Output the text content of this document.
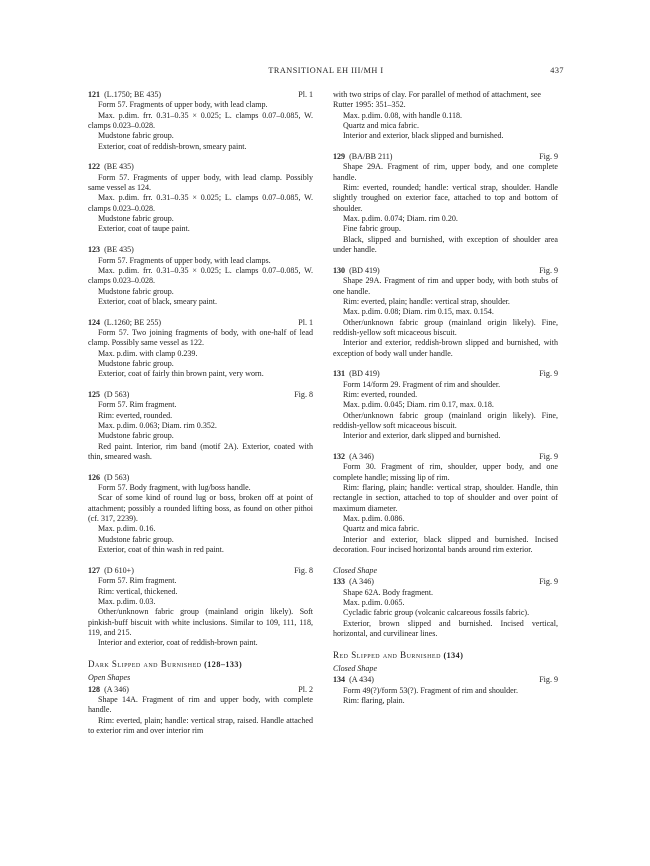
TRANSITIONAL EH III/MH I	437
121  (L.1750; BE 435)	Pl. 1

Form 57. Fragments of upper body, with lead clamp.

Max. p.dim. frr. 0.31–0.35 × 0.025; L. clamps 0.07–0.085, W. clamps 0.023–0.028.

Mudstone fabric group.

Exterior, coat of reddish-brown, smeary paint.

122  (BE 435)

Form 57. Fragments of upper body, with lead clamp. Possibly same vessel as 124.

Max. p.dim. frr. 0.31–0.35 × 0.025; L. clamps 0.07–0.085, W. clamps 0.023–0.028.

Mudstone fabric group.

Exterior, coat of taupe paint.

123  (BE 435)

Form 57. Fragments of upper body, with lead clamps.

Max. p.dim. frr. 0.31–0.35 × 0.025; L. clamps 0.07–0.085, W. clamps 0.023–0.028.

Mudstone fabric group.

Exterior, coat of black, smeary paint.

124  (L.1260; BE 255)	Pl. 1

Form 57. Two joining fragments of body, with one-half of lead clamp. Possibly same vessel as 122.

Max. p.dim. with clamp 0.239.

Mudstone fabric group.

Exterior, coat of fairly thin brown paint, very worn.

125  (D 563)	Fig. 8

Form 57. Rim fragment.

Rim: everted, rounded.

Max. p.dim. 0.063; Diam. rim 0.352.

Mudstone fabric group.

Red paint. Interior, rim band (motif 2A). Exterior, coated with thin, smeared wash.

126  (D 563)

Form 57. Body fragment, with lug/boss handle.

Scar of some kind of round lug or boss, broken off at point of attachment; possibly a rounded lifting boss, as found on other pithoi (cf. 317, 2239).

Max. p.dim. 0.16.

Mudstone fabric group.

Exterior, coat of thin wash in red paint.

127  (D 610+)	Fig. 8

Form 57. Rim fragment.

Rim: vertical, thickened.

Max. p.dim. 0.03.

Other/unknown fabric group (mainland origin likely). Soft pinkish-buff biscuit with white inclusions. Similar to 109, 111, 118, 119, and 215.

Interior and exterior, coat of reddish-brown paint.

Dark Slipped and Burnished (128–133)
Open Shapes
128  (A 346)	Pl. 2

Shape 14A. Fragment of rim and upper body, with complete handle.

Rim: everted, plain; handle: vertical strap, raised. Handle attached to exterior rim and over interior rim

with two strips of clay. For parallel of method of attachment, see Rutter 1995: 351–352.

Max. p.dim. 0.08, with handle 0.118.

Quartz and mica fabric.

Interior and exterior, black slipped and burnished.

129  (BA/BB 211)	Fig. 9

Shape 29A. Fragment of rim, upper body, and one complete handle.

Rim: everted, rounded; handle: vertical strap, shoulder. Handle slightly troughed on exterior face, attached to top and bottom of shoulder.

Max. p.dim. 0.074; Diam. rim 0.20.

Fine fabric group.

Black, slipped and burnished, with exception of shoulder area under handle.

130  (BD 419)	Fig. 9

Shape 29A. Fragment of rim and upper body, with both stubs of one handle.

Rim: everted, plain; handle: vertical strap, shoulder.

Max. p.dim. 0.08; Diam. rim 0.15, max. 0.154.

Other/unknown fabric group (mainland origin likely). Fine, reddish-yellow soft micaceous biscuit.

Interior and exterior, reddish-brown slipped and burnished, with exception of body wall under handle.

131  (BD 419)	Fig. 9

Form 14/form 29. Fragment of rim and shoulder.

Rim: everted, rounded.

Max. p.dim. 0.045; Diam. rim 0.17, max. 0.18.

Other/unknown fabric group (mainland origin likely). Fine, reddish-yellow soft micaceous biscuit.

Interior and exterior, dark slipped and burnished.

132  (A 346)	Fig. 9

Form 30. Fragment of rim, shoulder, upper body, and one complete handle; missing lip of rim.

Rim: flaring, plain; handle: vertical strap, shoulder. Handle, thin rectangle in section, attached to top of shoulder and over point of maximum diameter.

Max. p.dim. 0.086.

Quartz and mica fabric.

Interior and exterior, black slipped and burnished. Incised decoration. Four incised horizontal bands around rim exterior.

Closed Shape
133  (A 346)	Fig. 9

Shape 62A. Body fragment.

Max. p.dim. 0.065.

Cycladic fabric group (volcanic calcareous fossils fabric).

Exterior, brown slipped and burnished. Incised vertical, horizontal, and curvilinear lines.

Red Slipped and Burnished (134)
Closed Shape
134  (A 434)	Fig. 9

Form 49(?)/form 53(?). Fragment of rim and shoulder.

Rim: flaring, plain.
